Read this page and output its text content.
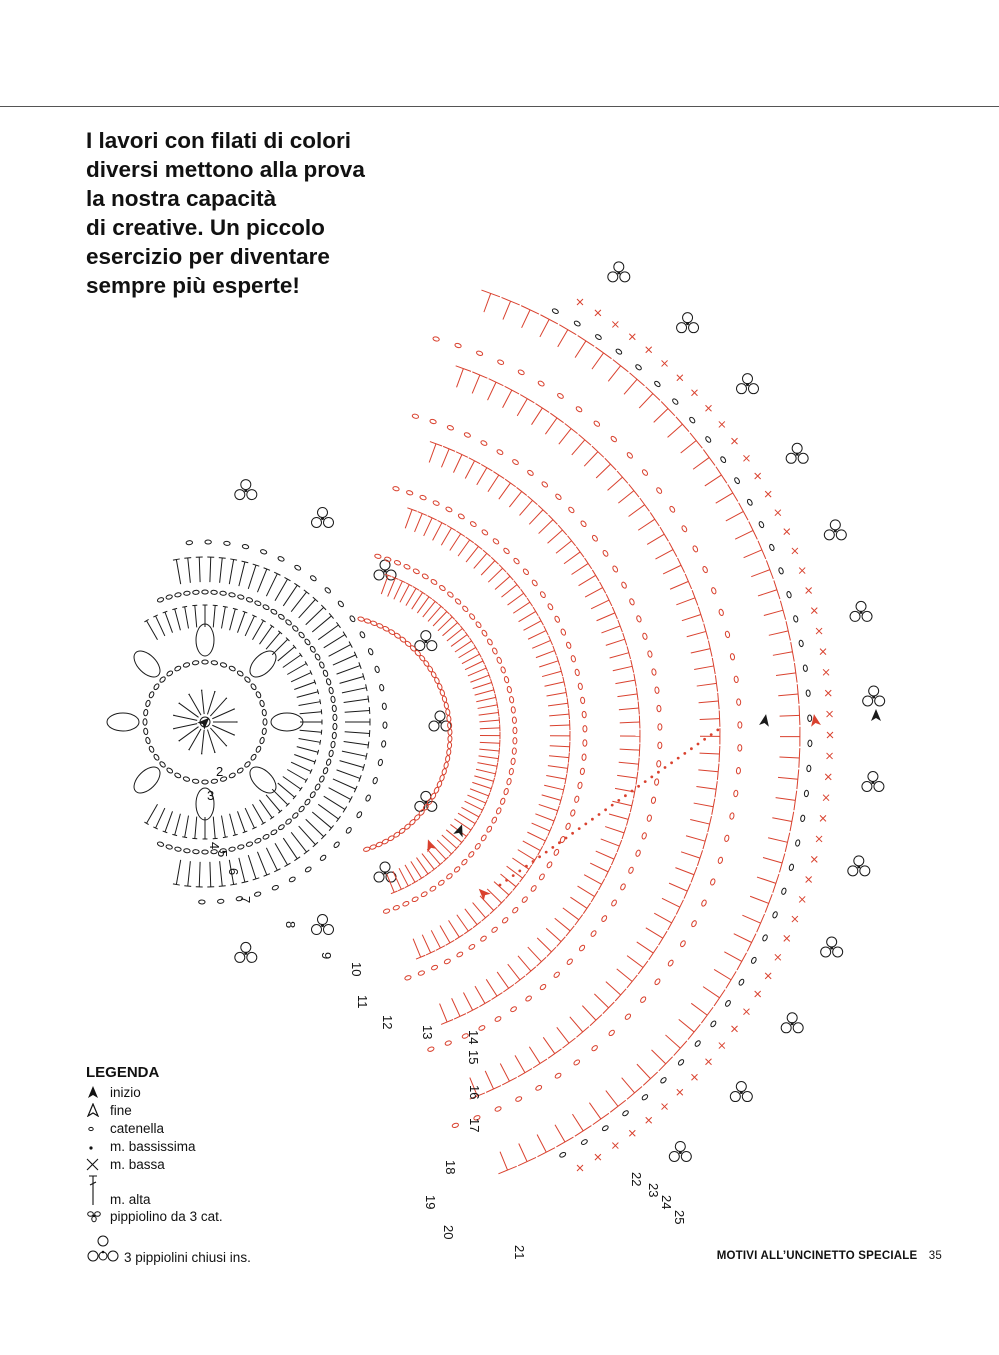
I lavori con filati di colori
diversi mettono alla prova
la nostra capacità
di creative. Un piccolo
esercizio per diventare
sempre più esperte!
2
3
4
5
6
7
8
9
10
11
12
13 14
15
16
17
18
19
20
21
22
23
24
25
LEGENDA
inizio
fine
catenella
m. bassissima
m. bassa
m. alta
pippiolino da 3 cat.
3 pippiolini chiusi ins.	MOTIVI ALL’UNCINETTO SPECIALE 35
